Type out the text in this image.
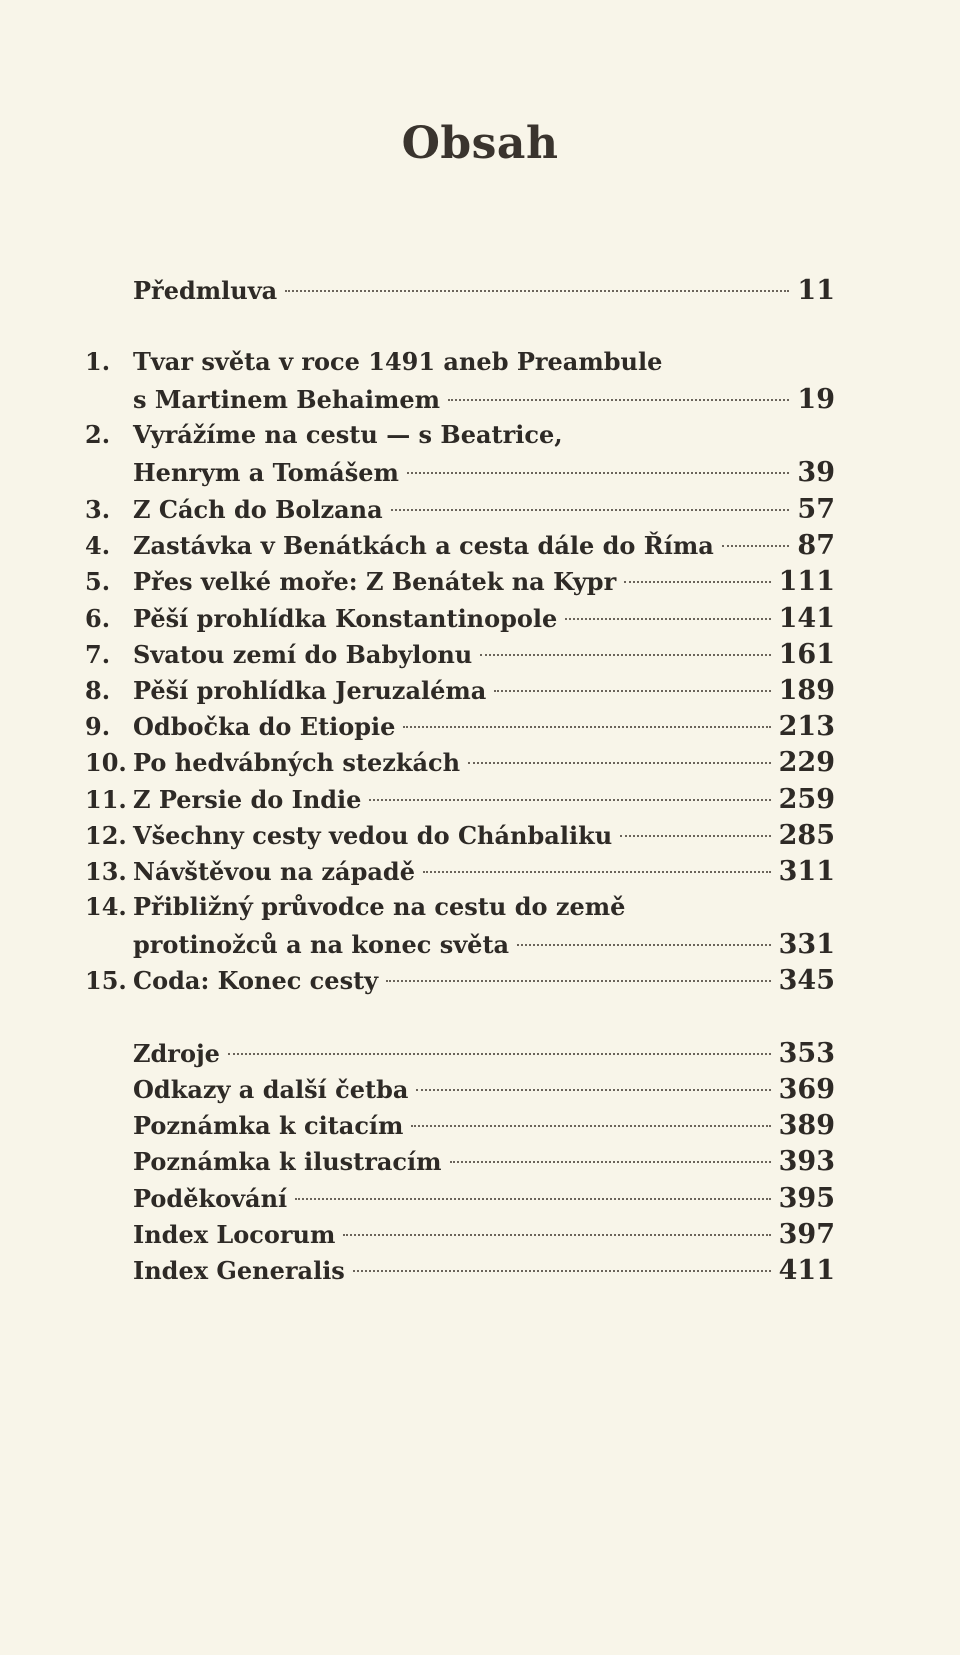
Obsah
Předmluva	11
1. Tvar světa v roce 1491 aneb Preambule
s Martinem Behaimem	19
2. Vyrážíme na cestu — s Beatrice,
Henrym a Tomášem	39
3. Z Cách do Bolzana	57
4. Zastávka v Benátkách a cesta dále do Říma	87
5. Přes velké moře: Z Benátek na Kypr	111
6. Pěší prohlídka Konstantinopole	141
7. Svatou zemí do Babylonu	161
8. Pěší prohlídka Jeruzaléma	189
9. Odbočka do Etiopie	213
10. Po hedvábných stezkách	229
11. Z Persie do Indie	259
12. Všechny cesty vedou do Chánbaliku	285
13. Návštěvou na západě	311
14. Přibližný průvodce na cestu do země
protinožců a na konec světa	331
15. Coda: Konec cesty	345
Zdroje	353
Odkazy a další četba	369
Poznámka k citacím	389
Poznámka k ilustracím	393
Poděkování	395
Index Locorum	397
Index Generalis	411
